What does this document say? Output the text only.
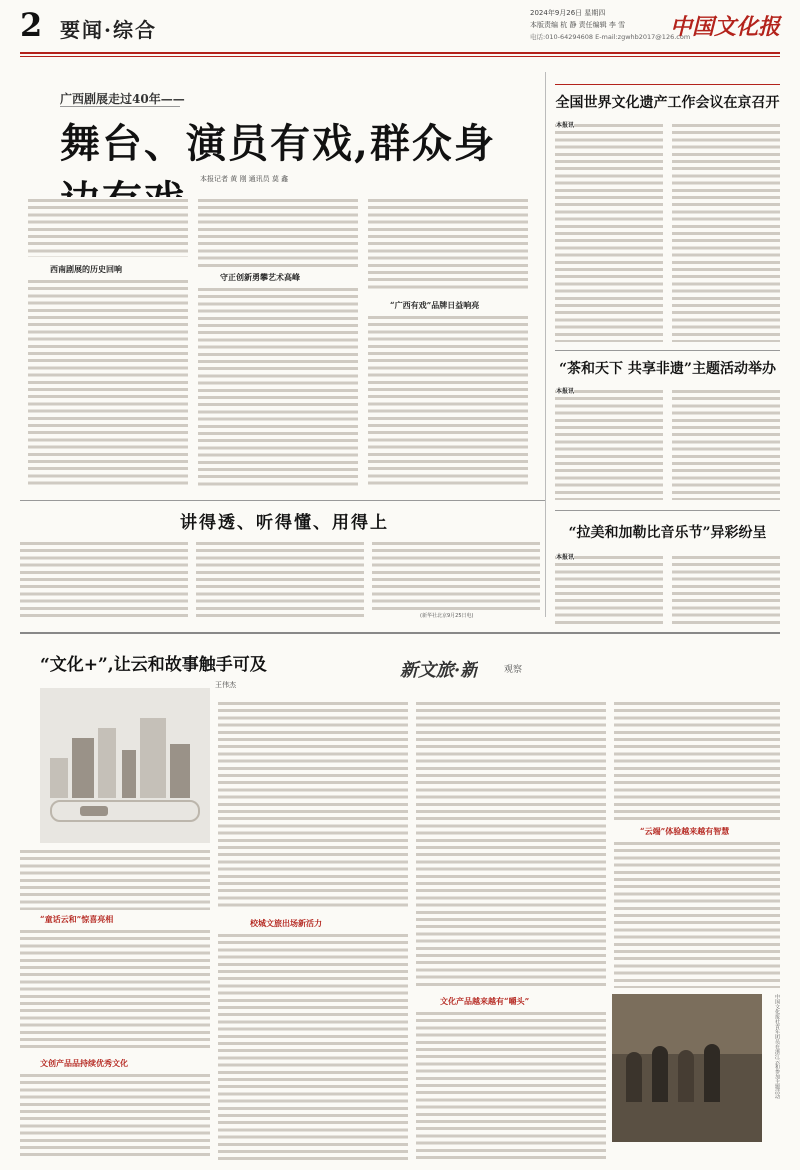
2 要闻·综合
2024年9月26日 星期四
本版责编 杭 静 责任编辑 李 雪
电话:010-64294608 E-mail:zgwhb2017@126.com
中国文化报
广西剧展走过40年——
舞台、演员有戏,群众身
本报记者 黄 刚 通讯员 莫 鑫
西南剧展的历史回响
守正创新勇攀艺术高峰
“广西有戏”品牌日益响亮
全国世界文化遗产工作会议在京召开
本报讯
“茶和天下 共享非遗”主题活动举办
本报讯
讲得透、听得懂、用得上
(新华社北京9月25日电)
“拉美和加勒比音乐节”异彩纷呈
本报讯
“文化+”,让云和故事触手可及
王伟杰
新文旅·新	观察
“童话云和”惊喜亮相
文创产品品持续优秀文化
校城文旅出场新活力
文化产品越来越有“嚼头”
“云端”体验越来越有智慧
中国文化报社青年团员在浙江云和参加主题活动
